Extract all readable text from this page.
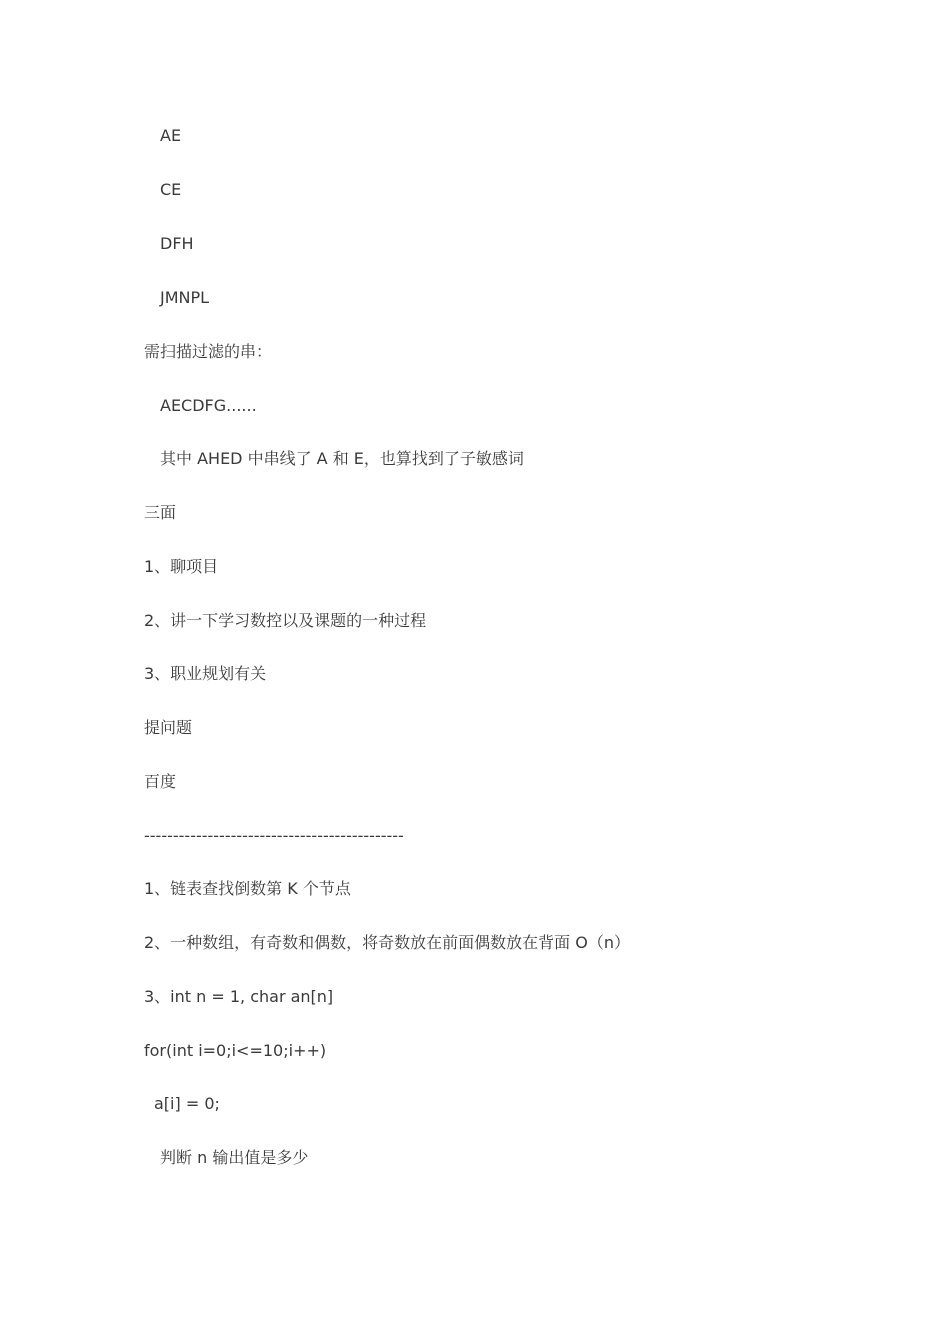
AE
CE
DFH
JMNPL
需扫描过滤的串：
AECDFG......
其中 AHED 中串线了 A 和 E，也算找到了子敏感词
三面
1、聊项目
2、讲一下学习数控以及课题的一种过程
3、职业规划有关
提问题
百度
---------------------------------------------
1、链表查找倒数第 K 个节点
2、一种数组，有奇数和偶数，将奇数放在前面偶数放在背面 O（n）
3、int n = 1, char an[n]
for(int i=0;i<=10;i++)
a[i] = 0;
判断 n 输出值是多少
